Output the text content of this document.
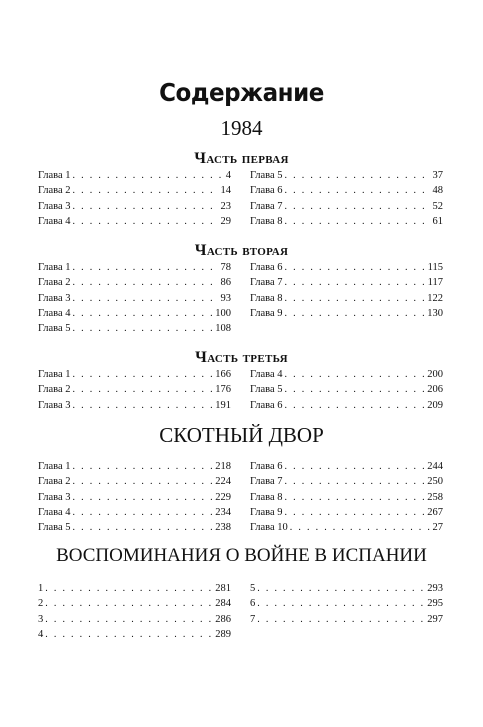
Содержание
1984
Часть первая
Глава 1 . . .	4
Глава 2 . . .	14
Глава 3 . . .	23
Глава 4 . . .	29
Глава 5 . . .	37
Глава 6 . . .	48
Глава 7 . . .	52
Глава 8 . . .	61
Часть вторая
Глава 1 . . .	78
Глава 2 . . .	86
Глава 3 . . .	93
Глава 4 . . .	100
Глава 5 . . .	108
Глава 6 . . .	115
Глава 7 . . .	117
Глава 8 . . .	122
Глава 9 . . .	130
Часть третья
Глава 1 . . .	166
Глава 2 . . .	176
Глава 3 . . .	191
Глава 4 . . .	200
Глава 5 . . .	206
Глава 6 . . .	209
СКОТНЫЙ ДВОР
Глава 1 . . .	218
Глава 2 . . .	224
Глава 3 . . .	229
Глава 4 . . .	234
Глава 5 . . .	238
Глава 6 . . .	244
Глава 7 . . .	250
Глава 8 . . .	258
Глава 9 . . .	267
Глава 10 . . .	27
ВОСПОМИНАНИЯ О ВОЙНЕ В ИСПАНИИ
1 . . .	281
2 . . .	284
3 . . .	286
4 . . .	289
5 . . .	293
6 . . .	295
7 . . .	297
